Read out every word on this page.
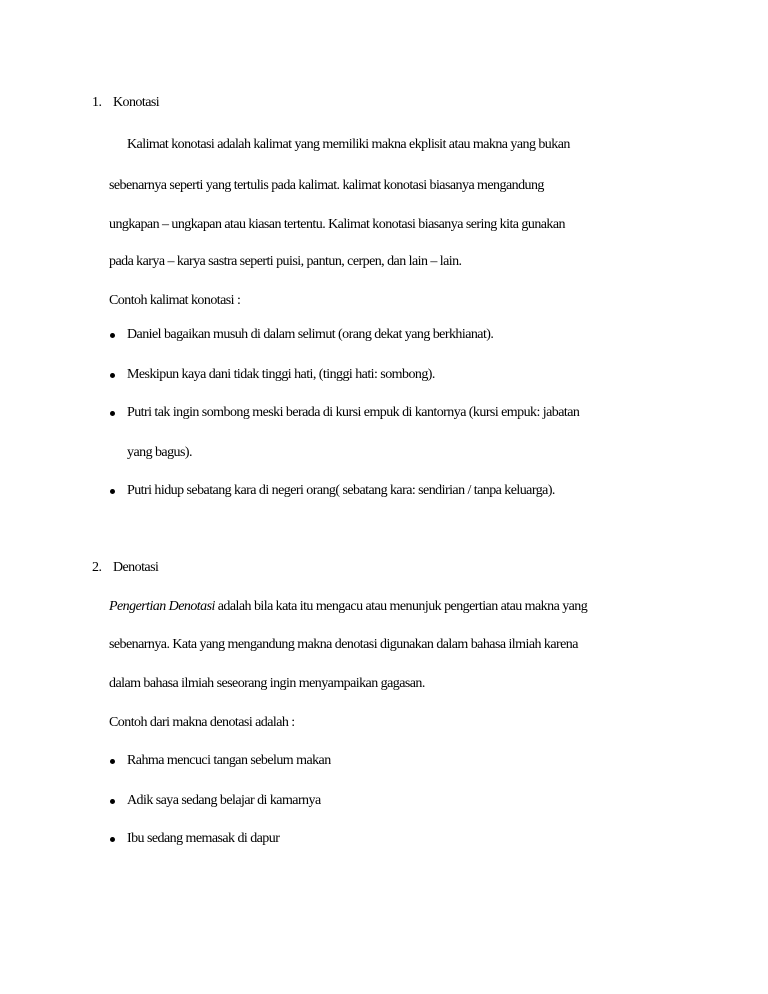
1. Konotasi
Kalimat konotasi adalah kalimat yang memiliki makna ekplisit atau makna yang bukan
sebenarnya seperti yang tertulis pada kalimat. kalimat konotasi biasanya mengandung
ungkapan – ungkapan atau kiasan tertentu. Kalimat konotasi biasanya sering kita gunakan
pada karya – karya sastra seperti puisi, pantun, cerpen, dan lain – lain.
Contoh kalimat konotasi :
Daniel bagaikan musuh di dalam selimut (orang dekat yang berkhianat).
Meskipun kaya dani tidak tinggi hati, (tinggi hati: sombong).
Putri tak ingin sombong meski berada di kursi empuk di kantornya (kursi empuk: jabatan
yang bagus).
Putri hidup sebatang kara di negeri orang( sebatang kara: sendirian / tanpa keluarga).
2. Denotasi
Pengertian Denotasi adalah bila kata itu mengacu atau menunjuk pengertian atau makna yang
sebenarnya. Kata yang mengandung makna denotasi digunakan dalam bahasa ilmiah karena
dalam bahasa ilmiah seseorang ingin menyampaikan gagasan.
Contoh dari makna denotasi adalah :
Rahma mencuci tangan sebelum makan
Adik saya sedang belajar di kamarnya
Ibu sedang memasak di dapur
